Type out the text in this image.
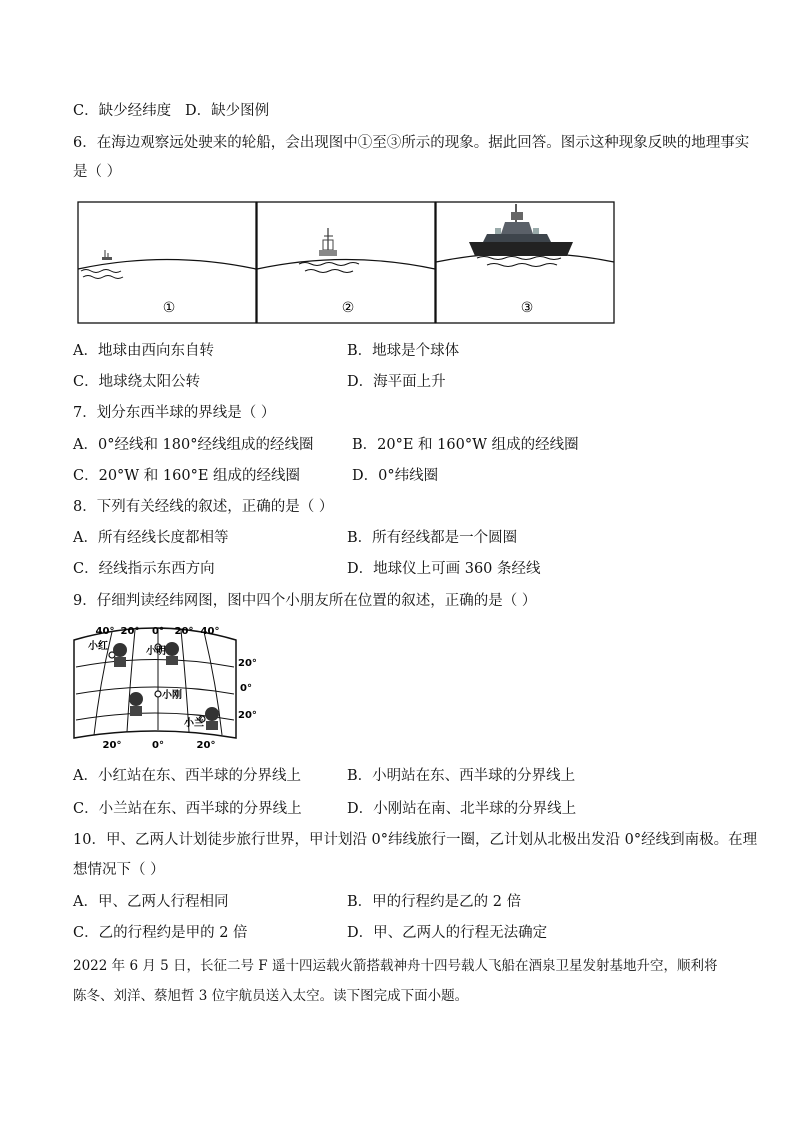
C．缺少经纬度 D．缺少图例
6．在海边观察远处驶来的轮船，会出现图中①至③所示的现象。据此回答。图示这种现象反映的地理事实
是（ ）
①	②	③
A．地球由西向东自转	B．地球是个球体
C．地球绕太阳公转	D．海平面上升
7．划分东西半球的界线是（ ）
A．0°经线和 180°经线组成的经线圈	B．20°E 和 160°W 组成的经线圈
C．20°W 和 160°E 组成的经线圈	D．0°纬线圈
8．下列有关经线的叙述，正确的是（ ）
A．所有经线长度都相等	B．所有经线都是一个圆圈
C．经线指示东西方向	D．地球仪上可画 360 条经线
9．仔细判读经纬网图，图中四个小朋友所在位置的叙述，正确的是（ ）
40° 20° 0° 20° 40°
20°	0°	20°
20°
0°
20°
小红	小明
小刚
小兰
A．小红站在东、西半球的分界线上	B．小明站在东、西半球的分界线上
C．小兰站在东、西半球的分界线上	D．小刚站在南、北半球的分界线上
10．甲、乙两人计划徒步旅行世界，甲计划沿 0°纬线旅行一圈，乙计划从北极出发沿 0°经线到南极。在理
想情况下（ ）
A．甲、乙两人行程相同	B．甲的行程约是乙的 2 倍
C．乙的行程约是甲的 2 倍	D．甲、乙两人的行程无法确定
2022 年 6 月 5 日，长征二号 F 遥十四运载火箭搭载神舟十四号载人飞船在酒泉卫星发射基地升空，顺利将
陈冬、刘洋、蔡旭哲 3 位宇航员送入太空。读下图完成下面小题。
